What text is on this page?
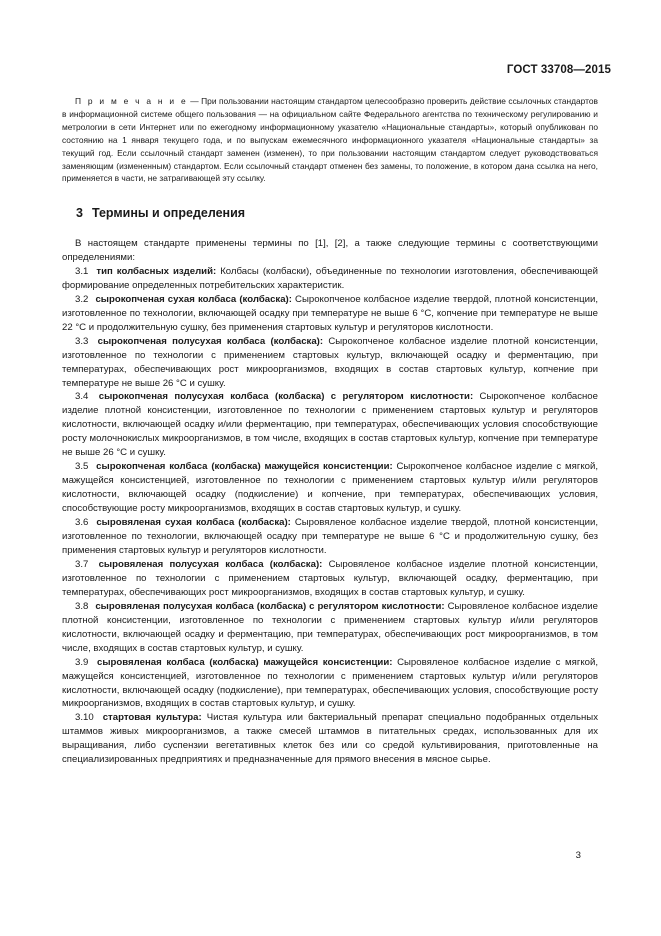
ГОСТ 33708—2015

П р и м е ч а н и е — При пользовании настоящим стандартом целесообразно проверить действие ссылочных стандартов в информационной системе общего пользования — на официальном сайте Федерального агентства по техническому регулированию и метрологии в сети Интернет или по ежегодному информационному указателю «Национальные стандарты», который опубликован по состоянию на 1 января текущего года, и по выпускам ежемесячного информационного указателя «Национальные стандарты» за текущий год. Если ссылочный стандарт заменен (изменен), то при пользовании настоящим стандартом следует руководствоваться заменяющим (измененным) стандартом. Если ссылочный стандарт отменен без замены, то положение, в котором дана ссылка на него, применяется в части, не затрагивающей эту ссылку.

3 Термины и определения

В настоящем стандарте применены термины по [1], [2], а также следующие термины с соответствующими определениями:

3.1 тип колбасных изделий: Колбасы (колбаски), объединенные по технологии изготовления, обеспечивающей формирование определенных потребительских характеристик.

3.2 сырокопченая сухая колбаса (колбаска): Сырокопченое колбасное изделие твердой, плотной консистенции, изготовленное по технологии, включающей осадку при температуре не выше 6 °С, копчение при температуре не выше 22 °С и продолжительную сушку, без применения стартовых культур и регуляторов кислотности.

3.3 сырокопченая полусухая колбаса (колбаска): Сырокопченое колбасное изделие плотной консистенции, изготовленное по технологии с применением стартовых культур, включающей осадку и ферментацию, при температурах, обеспечивающих рост микроорганизмов, входящих в состав стартовых культур, копчение при температуре не выше 26 °С и сушку.

3.4 сырокопченая полусухая колбаса (колбаска) с регулятором кислотности: Сырокопченое колбасное изделие плотной консистенции, изготовленное по технологии с применением стартовых культур и регуляторов кислотности, включающей осадку и/или ферментацию, при температурах, обеспечивающих условия способствующие росту молочнокислых микроорганизмов, в том числе, входящих в состав стартовых культур, копчение при температуре не выше 26 °С и сушку.

3.5 сырокопченая колбаса (колбаска) мажущейся консистенции: Сырокопченое колбасное изделие с мягкой, мажущейся консистенцией, изготовленное по технологии с применением стартовых культур и/или регуляторов кислотности, включающей осадку (подкисление) и копчение, при температурах, обеспечивающих условия, способствующие росту микроорганизмов, входящих в состав стартовых культур, и сушку.

3.6 сыровяленая сухая колбаса (колбаска): Сыровяленое колбасное изделие твердой, плотной консистенции, изготовленное по технологии, включающей осадку при температуре не выше 6 °С и продолжительную сушку, без применения стартовых культур и регуляторов кислотности.

3.7 сыровяленая полусухая колбаса (колбаска): Сыровяленое колбасное изделие плотной консистенции, изготовленное по технологии с применением стартовых культур, включающей осадку, ферментацию, при температурах, обеспечивающих рост микроорганизмов, входящих в состав стартовых культур, и сушку.

3.8 сыровяленая полусухая колбаса (колбаска) с регулятором кислотности: Сыровяленое колбасное изделие плотной консистенции, изготовленное по технологии с применением стартовых культур и/или регуляторов кислотности, включающей осадку и ферментацию, при температурах, обеспечивающих рост микроорганизмов, в том числе, входящих в состав стартовых культур, и сушку.

3.9 сыровяленая колбаса (колбаска) мажущейся консистенции: Сыровяленое колбасное изделие с мягкой, мажущейся консистенцией, изготовленное по технологии с применением стартовых культур и/или регуляторов кислотности, включающей осадку (подкисление), при температурах, обеспечивающих условия, способствующие росту микроорганизмов, входящих в состав стартовых культур, и сушку.

3.10 стартовая культура: Чистая культура или бактериальный препарат специально подобранных отдельных штаммов живых микроорганизмов, а также смесей штаммов в питательных средах, использованных для их выращивания, либо суспензии вегетативных клеток без или со средой культивирования, приготовленные на специализированных предприятиях и предназначенные для прямого внесения в мясное сырье.

3
